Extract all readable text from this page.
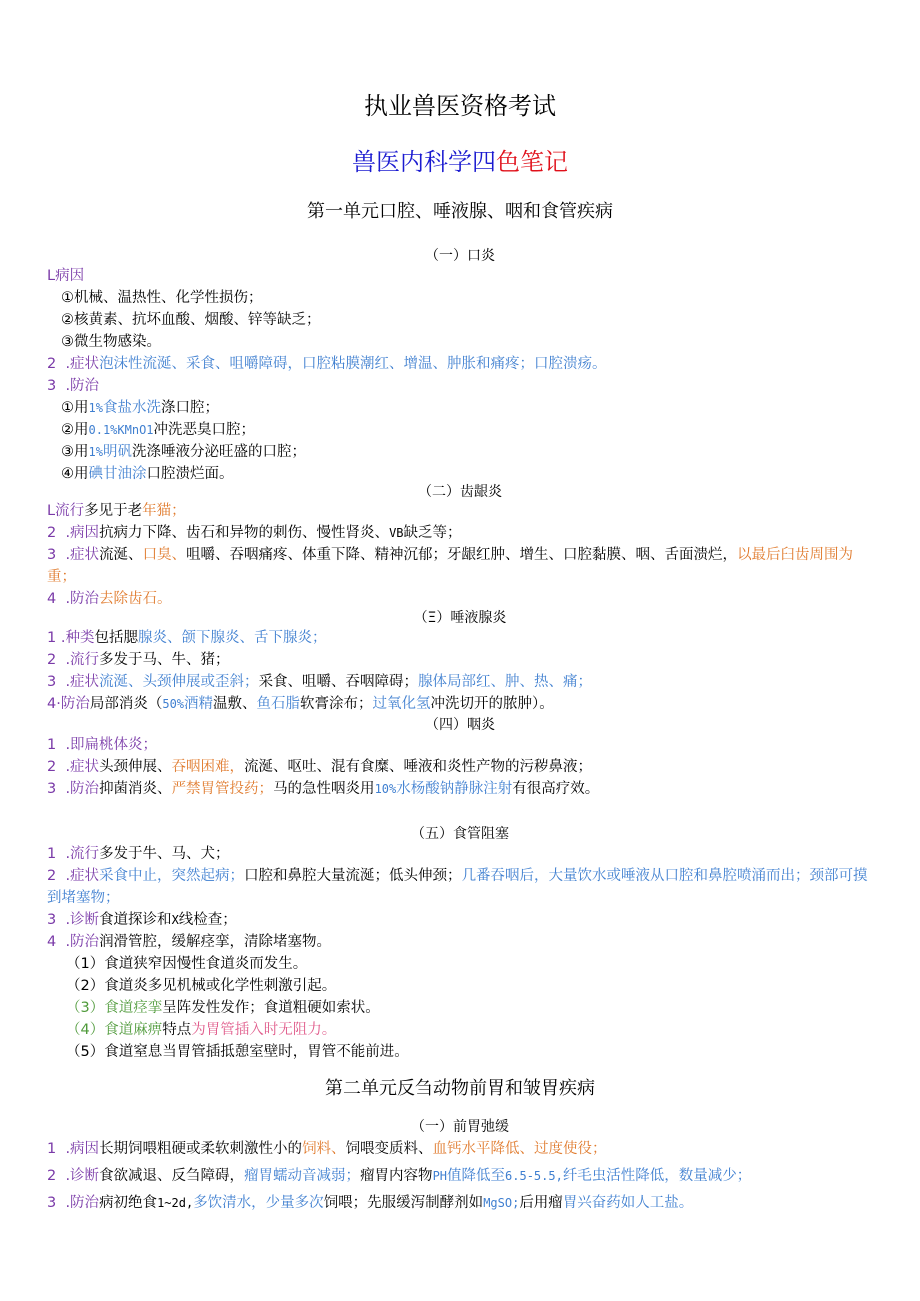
执业兽医资格考试
兽医内科学四色笔记
第一单元口腔、唾液腺、咽和食管疾病
（一）口炎
L病因
①机械、温热性、化学性损伤；
②核黄素、抗坏血酸、烟酸、锌等缺乏；
③微生物感染。
2 .症状泡沫性流涎、采食、咀嚼障碍，口腔粘膜潮红、增温、肿胀和痛疼；口腔溃疡。
3 .防治
①用1%食盐水洗涤口腔；
②用0.1%KMnO1冲洗恶臭口腔；
③用1%明矾洗涤唾液分泌旺盛的口腔；
④用碘甘油涂口腔溃烂面。
（二）齿龈炎
L流行多见于老年猫；
2 .病因抗病力下降、齿石和异物的刺伤、慢性肾炎、VB缺乏等；
3 .症状流涎、口臭、咀嚼、吞咽痛疼、体重下降、精神沉郁；牙龈红肿、增生、口腔黏膜、咽、舌面溃烂，以最后臼齿周围为重；
4 .防治去除齿石。
（Ξ）唾液腺炎
1 .种类包括腮腺炎、颌下腺炎、舌下腺炎；
2 .流行多发于马、牛、猪；
3 .症状流涎、头颈伸展或歪斜；采食、咀嚼、吞咽障碍；腺体局部红、肿、热、痛；
4·防治局部消炎（50%酒精温敷、鱼石脂软膏涂布；过氧化氢冲洗切开的脓肿）。
（四）咽炎
1 .即扁桃体炎；
2 .症状头颈伸展、吞咽困难，流涎、呕吐、混有食糜、唾液和炎性产物的污秽鼻液；
3 .防治抑菌消炎、严禁胃管投药；马的急性咽炎用10%水杨酸钠静脉注射有很高疗效。
（五）食管阻塞
1 .流行多发于牛、马、犬；
2 .症状采食中止，突然起病；口腔和鼻腔大量流涎；低头伸颈；几番吞咽后，大量饮水或唾液从口腔和鼻腔喷涌而出；颈部可摸到堵塞物；
3 .诊断食道探诊和X线检查；
4 .防治润滑管腔，缓解痉挛，清除堵塞物。
（1）食道狭窄因慢性食道炎而发生。
（2）食道炎多见机械或化学性刺激引起。
（3）食道痉挛呈阵发性发作；食道粗硬如索状。
（4）食道麻痹特点为胃管插入时无阻力。
（5）食道窒息当胃管插抵憩室壁时，胃管不能前进。
第二单元反刍动物前胃和皱胃疾病
（一）前胃弛缓
1 .病因长期饲喂粗硬或柔软刺激性小的饲料、饲喂变质料、血钙水平降低、过度使役；
2 .诊断食欲减退、反刍障碍，瘤胃蠕动音减弱；瘤胃内容物PH值降低至6.5-5.5,纤毛虫活性降低，数量减少；
3 .防治病初绝食1~2d,多饮清水，少量多次饲喂；先服缓泻制酵剂如MgSO;后用瘤胃兴奋药如人工盐。
